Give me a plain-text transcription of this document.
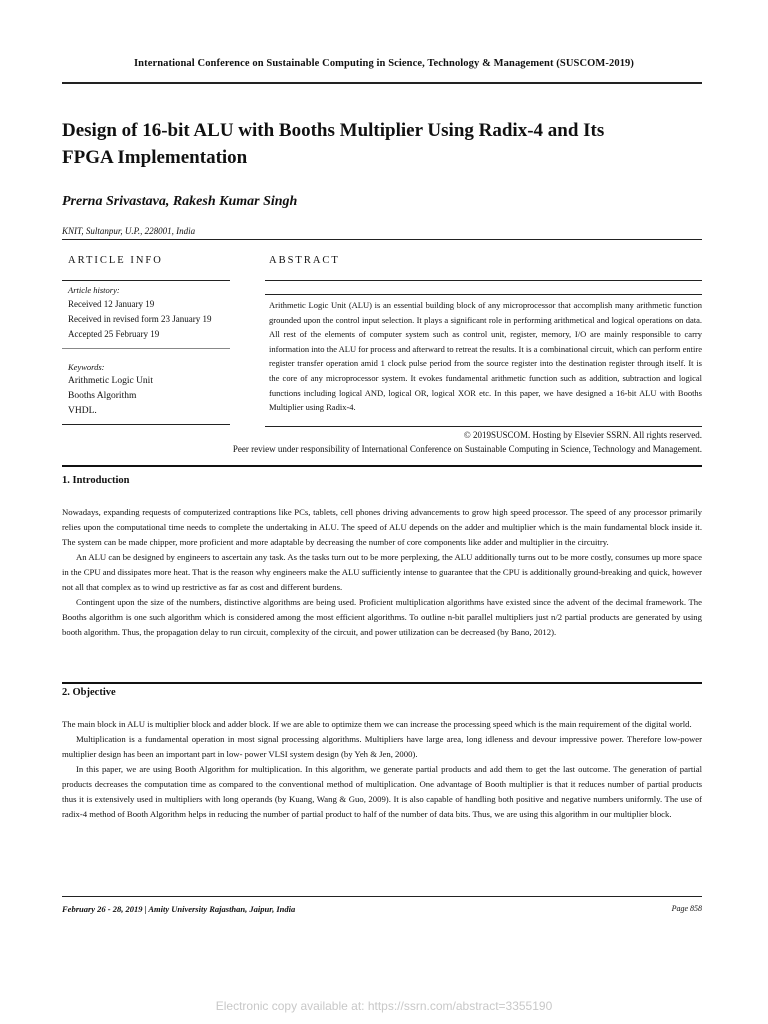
International Conference on Sustainable Computing in Science, Technology & Management (SUSCOM-2019)
Design of 16-bit ALU with Booths Multiplier Using Radix-4 and Its
FPGA Implementation
Prerna Srivastava, Rakesh Kumar Singh
KNIT, Sultanpur, U.P., 228001, India
ARTICLE INFO	ABSTRACT
Article history:
Received 12 January 19
Received in revised form 23 January 19
Accepted 25 February 19
Keywords:
Arithmetic Logic Unit
Booths Algorithm
VHDL.
Arithmetic Logic Unit (ALU) is an essential building block of any microprocessor that accomplish many arithmetic function grounded upon the control input selection. It plays a significant role in performing arithmetical and logical operations on data. All rest of the elements of computer system such as control unit, register, memory, I/O are mainly responsible to carry information into the ALU for process and afterward to retreat the results. It is a combinational circuit, which can perform entire register transfer operation amid 1 clock pulse period from the source register into the destination register through itself. It is the core of any microprocessor system. It evokes fundamental arithmetic function such as addition, subtraction and logical functions including logical AND, logical OR, logical XOR etc. In this paper, we have designed a 16-bit ALU with Booths Multiplier using Radix-4.
© 2019SUSCOM. Hosting by Elsevier SSRN. All rights reserved.
Peer review under responsibility of International Conference on Sustainable Computing in Science, Technology and Management.
1. Introduction

Nowadays, expanding requests of computerized contraptions like PCs, tablets, cell phones driving advancements to grow high speed processor. The speed of any processor primarily relies upon the computational time needs to complete the undertaking in ALU. The speed of ALU depends on the adder and multiplier which is the main fundamental block inside it. The system can be made chipper, more proficient and more adaptable by decreasing the number of core components like adder and multiplier in the circuitry.

An ALU can be designed by engineers to ascertain any task. As the tasks turn out to be more perplexing, the ALU additionally turns out to be more costly, consumes up more space in the CPU and dissipates more heat. That is the reason why engineers make the ALU sufficiently intense to guarantee that the CPU is additionally ground-breaking and quick, however not all that complex as to wind up restrictive as far as cost and different burdens.

Contingent upon the size of the numbers, distinctive algorithms are being used. Proficient multiplication algorithms have existed since the advent of the decimal framework. The Booths algorithm is one such algorithm which is considered among the most efficient algorithms. To outline n-bit parallel multipliers just n/2 partial products are generated by using booth algorithm. Thus, the propagation delay to run circuit, complexity of the circuit, and power utilization can be decreased (by Bano, 2012).

2. Objective

The main block in ALU is multiplier block and adder block. If we are able to optimize them we can increase the processing speed which is the main requirement of the digital world.

Multiplication is a fundamental operation in most signal processing algorithms. Multipliers have large area, long idleness and devour impressive power. Therefore low-power multiplier design has been an important part in low- power VLSI system design (by Yeh & Jen, 2000).

In this paper, we are using Booth Algorithm for multiplication. In this algorithm, we generate partial products and add them to get the last outcome. The generation of partial products decreases the computation time as compared to the conventional method of multiplication. One advantage of Booth multiplier is that it reduces number of partial products thus it is extensively used in multipliers with long operands (by Kuang, Wang & Guo, 2009). It is also capable of handling both positive and negative numbers uniformly. The use of radix-4 method of Booth Algorithm helps in reducing the number of partial product to half of the number of data bits. Thus, we are using this algorithm in our multiplier block.

February 26 - 28, 2019 | Amity University Rajasthan, Jaipur, India	Page 858
Electronic copy available at: https://ssrn.com/abstract=3355190
